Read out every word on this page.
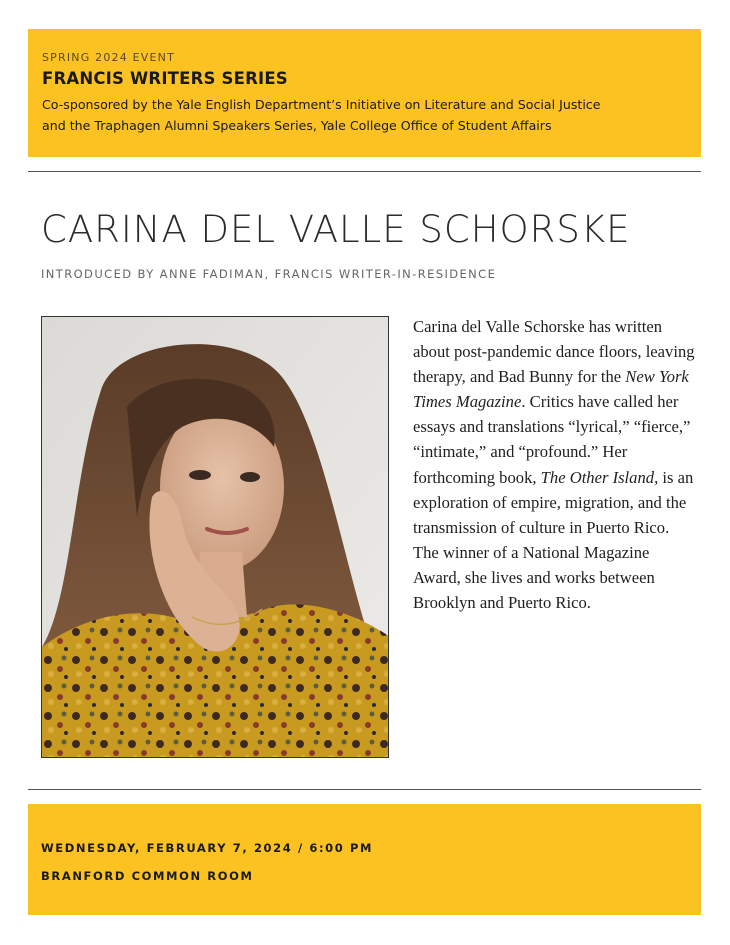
SPRING 2024 EVENT
FRANCIS WRITERS SERIES
Co-sponsored by the Yale English Department’s Initiative on Literature and Social Justice
and the Traphagen Alumni Speakers Series, Yale College Office of Student Affairs
CARINA DEL VALLE SCHORSKE
INTRODUCED BY ANNE FADIMAN, FRANCIS WRITER-IN-RESIDENCE
Carina del Valle Schorske has written about post-pandemic dance floors, leaving therapy, and Bad Bunny for the New York Times Magazine. Critics have called her essays and translations “lyrical,” “fierce,” “intimate,” and “profound.” Her forthcoming book, The Other Island, is an exploration of empire, migration, and the transmission of culture in Puerto Rico. The winner of a National Magazine Award, she lives and works between Brooklyn and Puerto Rico.
WEDNESDAY, FEBRUARY 7, 2024 / 6:00 PM
BRANFORD COMMON ROOM
